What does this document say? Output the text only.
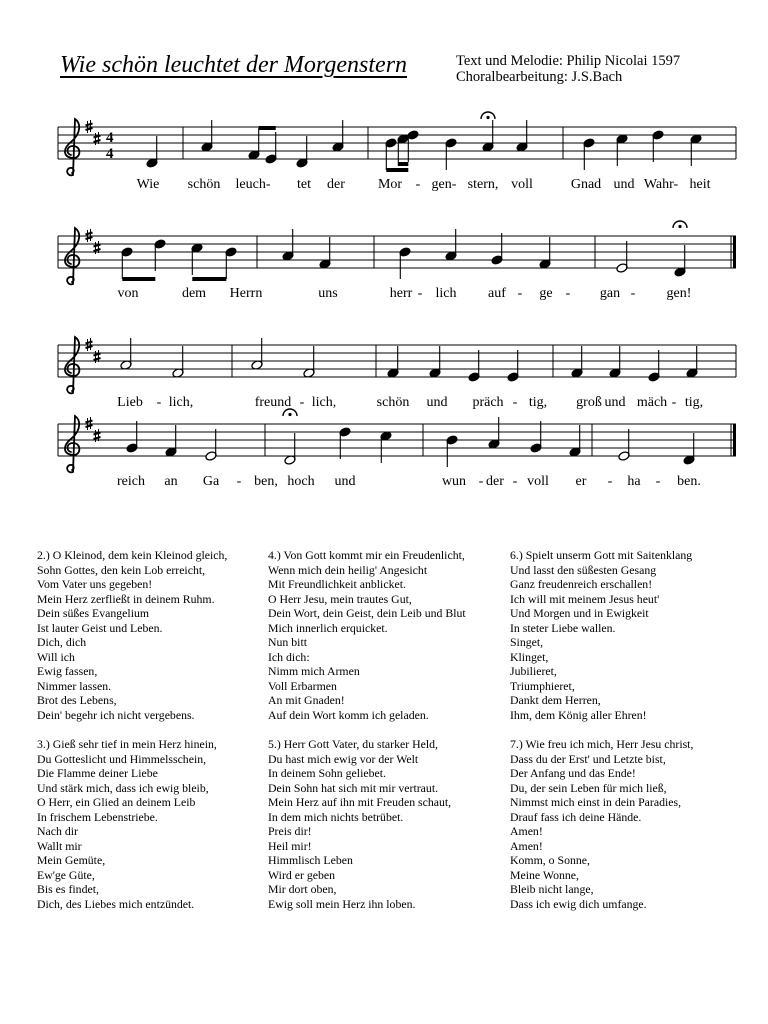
Wie schön leuchtet der Morgenstern	Text und Melodie: Philip Nicolai 1597
Choralbearbeitung: J.S.Bach
4
4
Wie schön leuch- tet der Mor - gen- stern, voll	Gnad und Wahr- heit
von	dem Herrn	uns	herr - lich auf - ge - gan - gen!
Lieb - lich,	freund - lich,	schön und präch - tig, groß und mäch - tig,
reich an Ga - ben, hoch und	wun - der - voll er - ha - ben.
2.) O Kleinod, dem kein Kleinod gleich,
Sohn Gottes, den kein Lob erreicht,
Vom Vater uns gegeben!
Mein Herz zerfließt in deinem Ruhm.
Dein süßes Evangelium
Ist lauter Geist und Leben.
Dich, dich
Will ich
Ewig fassen,
Nimmer lassen.
Brot des Lebens,
Dein' begehr ich nicht vergebens.
3.) Gieß sehr tief in mein Herz hinein,
Du Gotteslicht und Himmelsschein,
Die Flamme deiner Liebe
Und stärk mich, dass ich ewig bleib,
O Herr, ein Glied an deinem Leib
In frischem Lebenstriebe.
Nach dir
Wallt mir
Mein Gemüte,
Ew'ge Güte,
Bis es findet,
Dich, des Liebes mich entzündet.
4.) Von Gott kommt mir ein Freudenlicht,
Wenn mich dein heilig' Angesicht
Mit Freundlichkeit anblicket.
O Herr Jesu, mein trautes Gut,
Dein Wort, dein Geist, dein Leib und Blut
Mich innerlich erquicket.
Nun bitt
Ich dich:
Nimm mich Armen
Voll Erbarmen
An mit Gnaden!
Auf dein Wort komm ich geladen.
5.) Herr Gott Vater, du starker Held,
Du hast mich ewig vor der Welt
In deinem Sohn geliebet.
Dein Sohn hat sich mit mir vertraut.
Mein Herz auf ihn mit Freuden schaut,
In dem mich nichts betrübet.
Preis dir!
Heil mir!
Himmlisch Leben
Wird er geben
Mir dort oben,
Ewig soll mein Herz ihn loben.
6.) Spielt unserm Gott mit Saitenklang
Und lasst den süßesten Gesang
Ganz freudenreich erschallen!
Ich will mit meinem Jesus heut'
Und Morgen und in Ewigkeit
In steter Liebe wallen.
Singet,
Klinget,
Jubilieret,
Triumphieret,
Dankt dem Herren,
Ihm, dem König aller Ehren!
7.) Wie freu ich mich, Herr Jesu christ,
Dass du der Erst' und Letzte bist,
Der Anfang und das Ende!
Du, der sein Leben für mich ließ,
Nimmst mich einst in dein Paradies,
Drauf fass ich deine Hände.
Amen!
Amen!
Komm, o Sonne,
Meine Wonne,
Bleib nicht lange,
Dass ich ewig dich umfange.
